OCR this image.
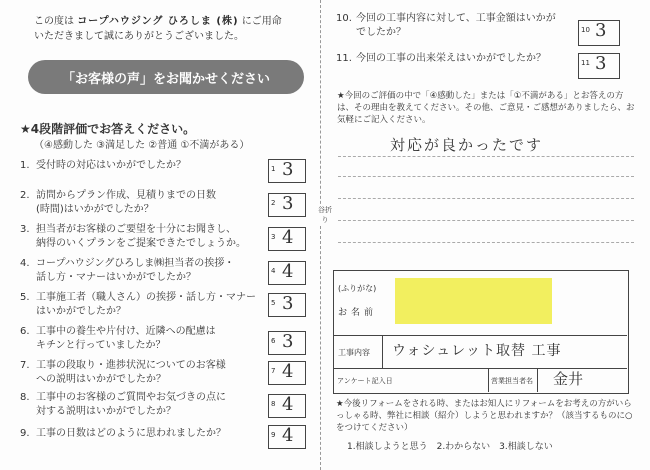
この度は コープハウジング ひろしま (株) にご用命
いただきまして誠にありがとうございました。
「お客様の声」をお聞かせください
★4段階評価でお答えください。
（④感動した ③満足した ②普通 ①不満がある）
1. 受付時の対応はいかがでしたか？	1 3
2. 訪問からプラン作成、見積りまでの日数
(時間)はいかがでしたか？
2 3
3. 担当者がお客様のご要望を十分にお聞きし、
納得のいくプランをご提案できたでしょうか。
3 4
4. コープハウジングひろしま㈱担当者の挨拶・
話し方・マナーはいかがでしたか？
4 4
5. 工事施工者（職人さん）の挨拶・話し方・マナー
はいかがでしたか？
5 3
6. 工事中の養生や片付け、近隣への配慮は
キチンと行っていましたか？	6 3
7. 工事の段取り・進捗状況についてのお客様
への説明はいかがでしたか？
7 4
8. 工事中のお客様のご質問やお気づきの点に
対する説明はいかがでしたか？
8 4
9. 工事の日数はどのように思われましたか？	9 4
谷折り
10. 今回の工事内容に対して、工事金額はいかが
でしたか？	10 3
11. 今回の工事の出来栄えはいかがでしたか？	11 3
★今回のご評価の中で「④感動した」または「①不満がある」とお答えの方は、その理由を教えてください。その他、ご意見・ご感想がありましたら、お気軽にご記入ください。
対応が良かったです
(ふりがな)
お名前
工事内容 ウォシュレット取替 工事
アンケート記入日	営業担当者名 金井
★今後リフォームをされる時、またはお知人にリフォームをお考えの方がいらっしゃる時、弊社に相談（紹介）しようと思われますか？（該当するものに○をつけてください）
1.相談しようと思う　2.わからない　3.相談しない
